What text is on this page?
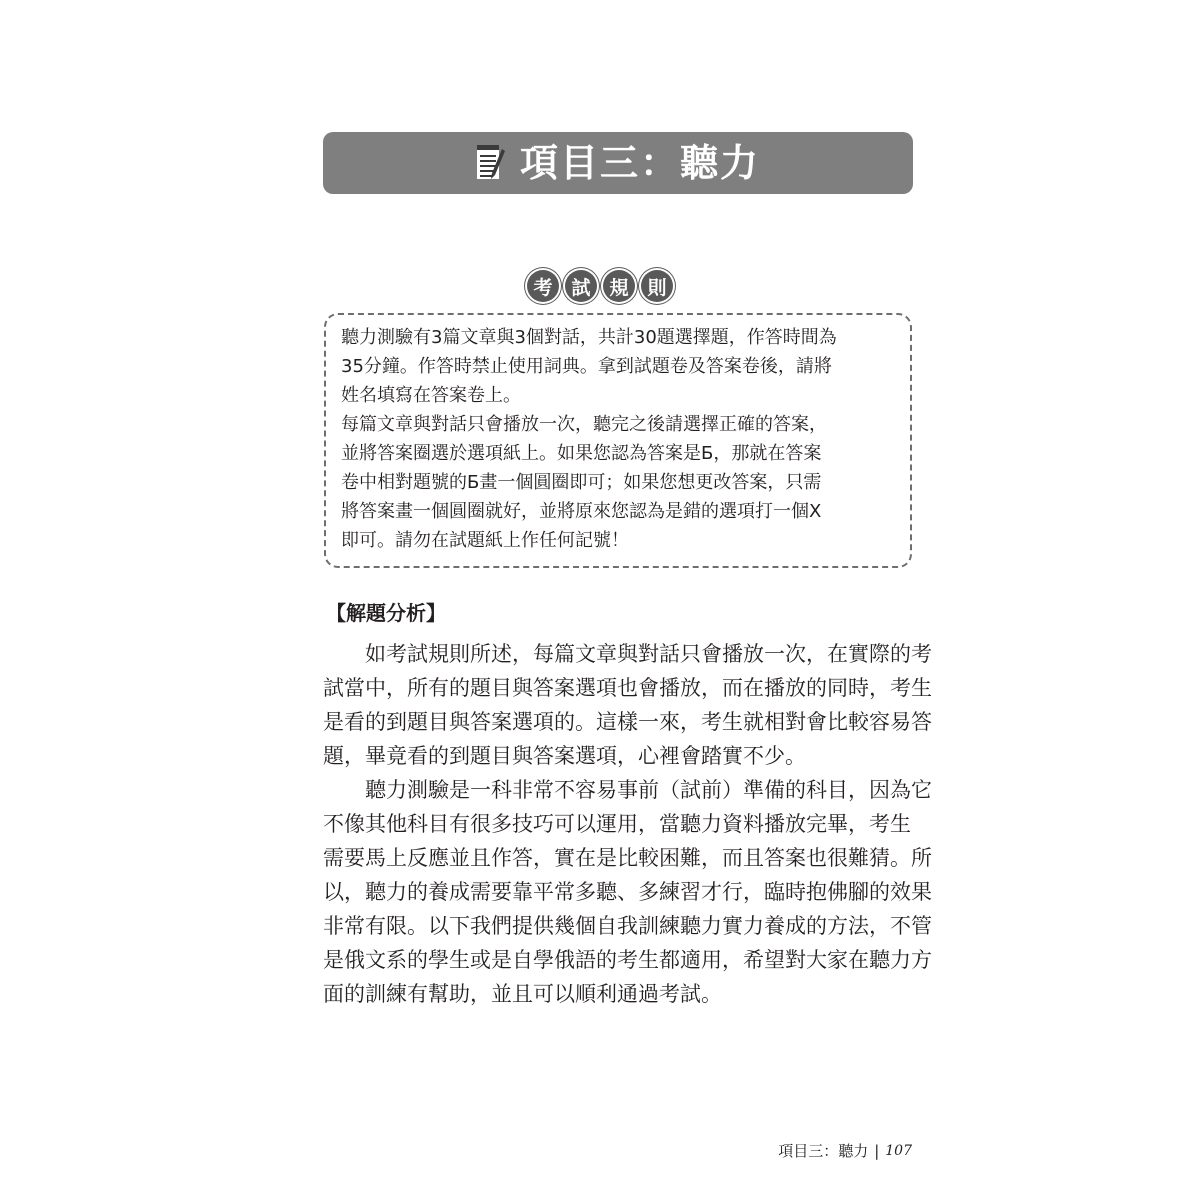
項目三：聽力
考 試 規 則
聽力測驗有3篇文章與3個對話，共計30題選擇題，作答時間為
35分鐘。作答時禁止使用詞典。拿到試題卷及答案卷後，請將
姓名填寫在答案卷上。
每篇文章與對話只會播放一次，聽完之後請選擇正確的答案，
並將答案圈選於選項紙上。如果您認為答案是Б，那就在答案
卷中相對題號的Б畫一個圓圈即可；如果您想更改答案，只需
將答案畫一個圓圈就好，並將原來您認為是錯的選項打一個X
即可。請勿在試題紙上作任何記號！
【解題分析】
如考試規則所述，每篇文章與對話只會播放一次，在實際的考
試當中，所有的題目與答案選項也會播放，而在播放的同時，考生
是看的到題目與答案選項的。這樣一來，考生就相對會比較容易答
題，畢竟看的到題目與答案選項，心裡會踏實不少。
聽力測驗是一科非常不容易事前（試前）準備的科目，因為它
不像其他科目有很多技巧可以運用，當聽力資料播放完畢，考生
需要馬上反應並且作答，實在是比較困難，而且答案也很難猜。所
以，聽力的養成需要靠平常多聽、多練習才行，臨時抱佛腳的效果
非常有限。以下我們提供幾個自我訓練聽力實力養成的方法，不管
是俄文系的學生或是自學俄語的考生都適用，希望對大家在聽力方
面的訓練有幫助，並且可以順利通過考試。
項目三：聽力 | 107
